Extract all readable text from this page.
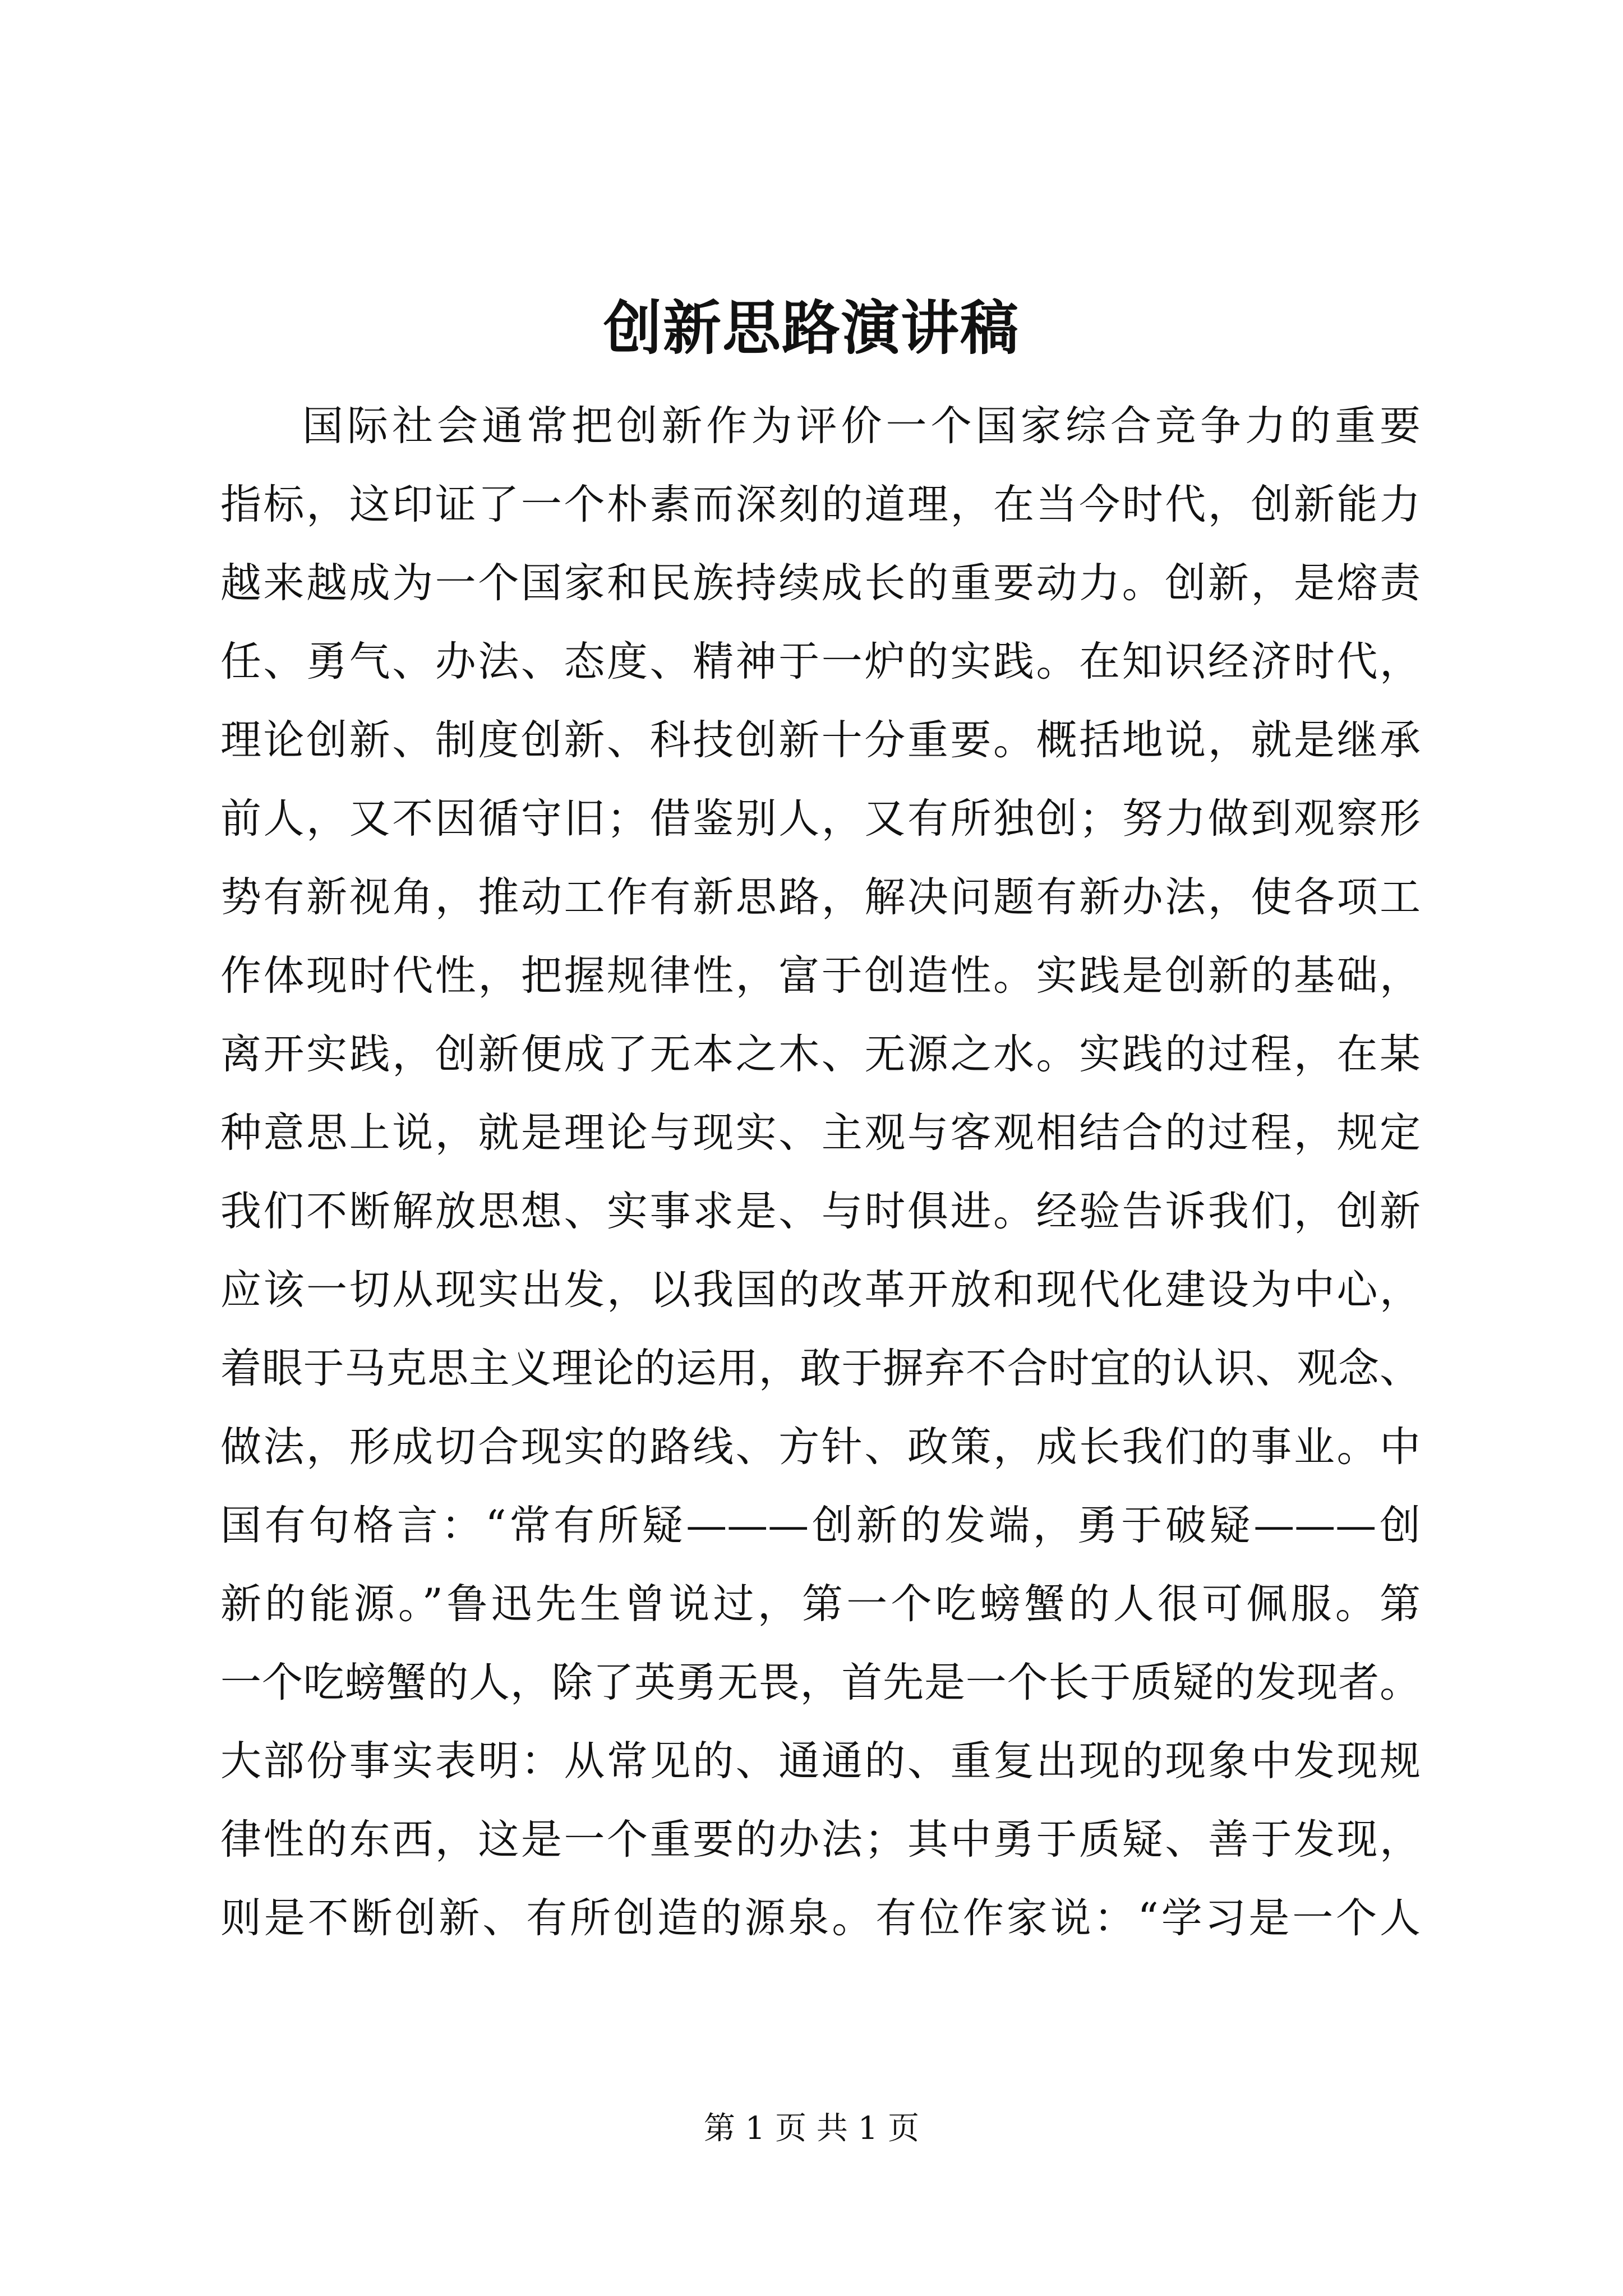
创新思路演讲稿
国际社会通常把创新作为评价一个国家综合竞争力的重要
指标，这印证了一个朴素而深刻的道理，在当今时代，创新能力
越来越成为一个国家和民族持续成长的重要动力。创新，是熔责
任、勇气、办法、态度、精神于一炉的实践。在知识经济时代，
理论创新、制度创新、科技创新十分重要。概括地说，就是继承
前人，又不因循守旧；借鉴别人，又有所独创；努力做到观察形
势有新视角，推动工作有新思路，解决问题有新办法，使各项工
作体现时代性，把握规律性，富于创造性。实践是创新的基础，
离开实践，创新便成了无本之木、无源之水。实践的过程，在某
种意思上说，就是理论与现实、主观与客观相结合的过程，规定
我们不断解放思想、实事求是、与时俱进。经验告诉我们，创新
应该一切从现实出发，以我国的改革开放和现代化建设为中心，
着眼于马克思主义理论的运用，敢于摒弃不合时宜的认识、观念、
做法，形成切合现实的路线、方针、政策，成长我们的事业。中
国有句格言：“常有所疑———创新的发端，勇于破疑———创
新的能源。”鲁迅先生曾说过，第一个吃螃蟹的人很可佩服。第
一个吃螃蟹的人，除了英勇无畏，首先是一个长于质疑的发现者。
大部份事实表明：从常见的、通通的、重复出现的现象中发现规
律性的东西，这是一个重要的办法；其中勇于质疑、善于发现，
则是不断创新、有所创造的源泉。有位作家说：“学习是一个人
第 1 页 共 1 页
